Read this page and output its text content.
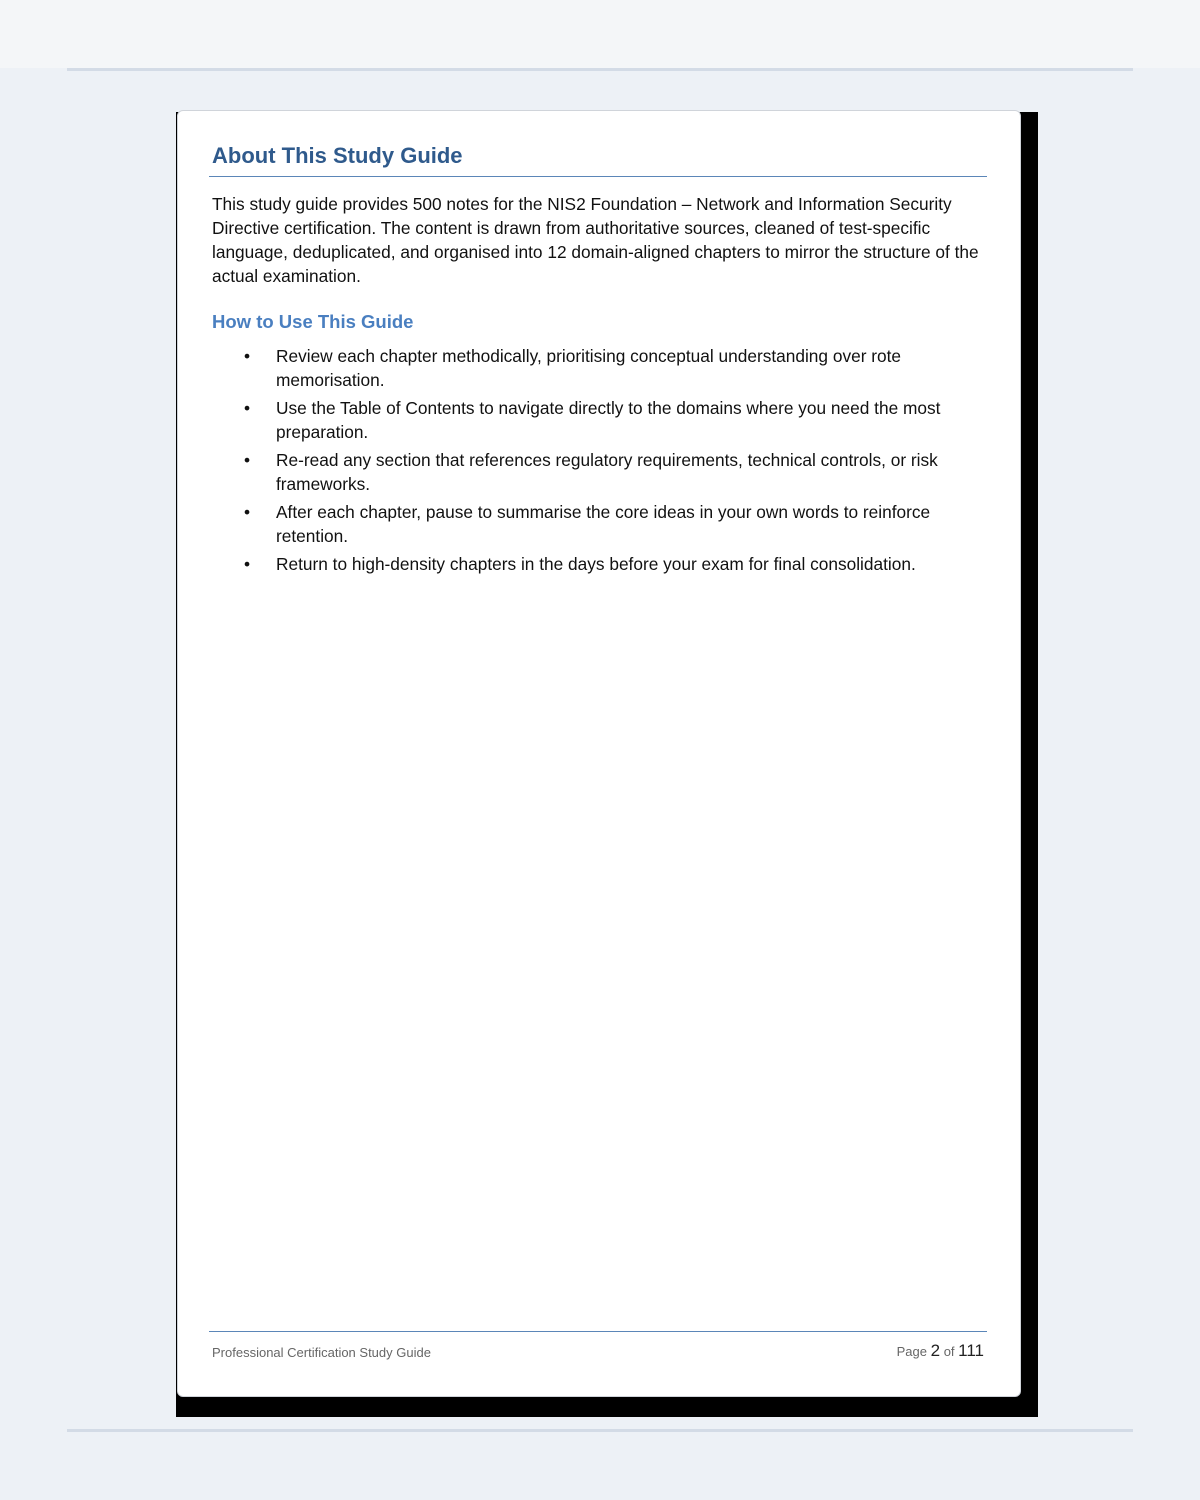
About This Study Guide

This study guide provides 500 notes for the NIS2 Foundation – Network and Information Security Directive certification. The content is drawn from authoritative sources, cleaned of test-specific language, deduplicated, and organised into 12 domain-aligned chapters to mirror the structure of the actual examination.

How to Use This Guide
• Review each chapter methodically, prioritising conceptual understanding over rote memorisation.
• Use the Table of Contents to navigate directly to the domains where you need the most preparation.
• Re-read any section that references regulatory requirements, technical controls, or risk frameworks.
• After each chapter, pause to summarise the core ideas in your own words to reinforce retention.
• Return to high-density chapters in the days before your exam for final consolidation.
Professional Certification Study Guide	Page 2 of 111
